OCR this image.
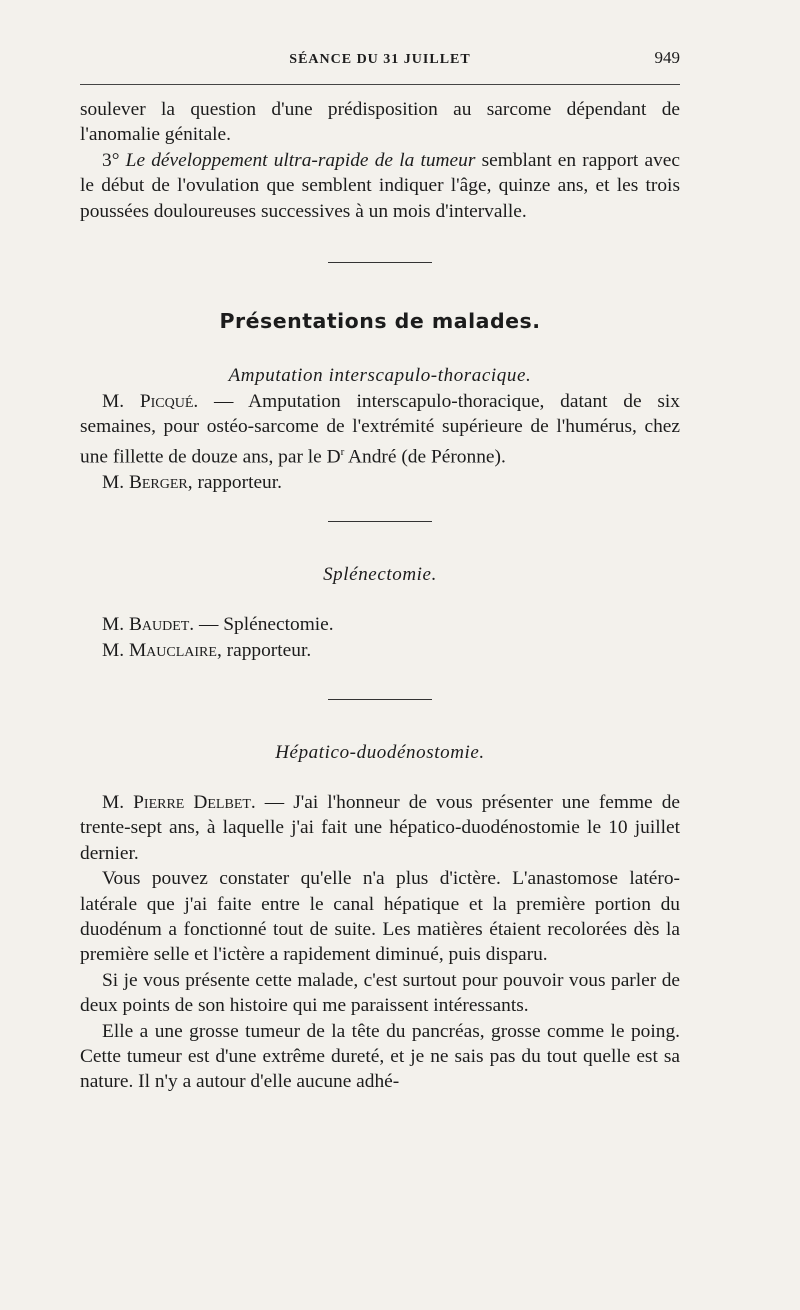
SÉANCE DU 31 JUILLET	949

soulever la question d'une prédisposition au sarcome dépendant de l'anomalie génitale.

3° Le développement ultra-rapide de la tumeur semblant en rapport avec le début de l'ovulation que semblent indiquer l'âge, quinze ans, et les trois poussées douloureuses successives à un mois d'intervalle.

Présentations de malades.
Amputation interscapulo-thoracique.

M. Picqué. — Amputation interscapulo-thoracique, datant de six semaines, pour ostéo-sarcome de l'extrémité supérieure de l'humérus, chez une fillette de douze ans, par le $D^r$ André (de Péronne).

M. Berger, rapporteur.

Splénectomie.

M. Baudet. — Splénectomie.

M. Mauclaire, rapporteur.

Hépatico-duodénostomie.

M. Pierre Delbet. — J'ai l'honneur de vous présenter une femme de trente-sept ans, à laquelle j'ai fait une hépatico-duodénostomie le 10 juillet dernier.

Vous pouvez constater qu'elle n'a plus d'ictère. L'anastomose latéro-latérale que j'ai faite entre le canal hépatique et la première portion du duodénum a fonctionné tout de suite. Les matières étaient recolorées dès la première selle et l'ictère a rapidement diminué, puis disparu.

Si je vous présente cette malade, c'est surtout pour pouvoir vous parler de deux points de son histoire qui me paraissent intéressants.

Elle a une grosse tumeur de la tête du pancréas, grosse comme le poing. Cette tumeur est d'une extrême dureté, et je ne sais pas du tout quelle est sa nature. Il n'y a autour d'elle aucune adhé-
